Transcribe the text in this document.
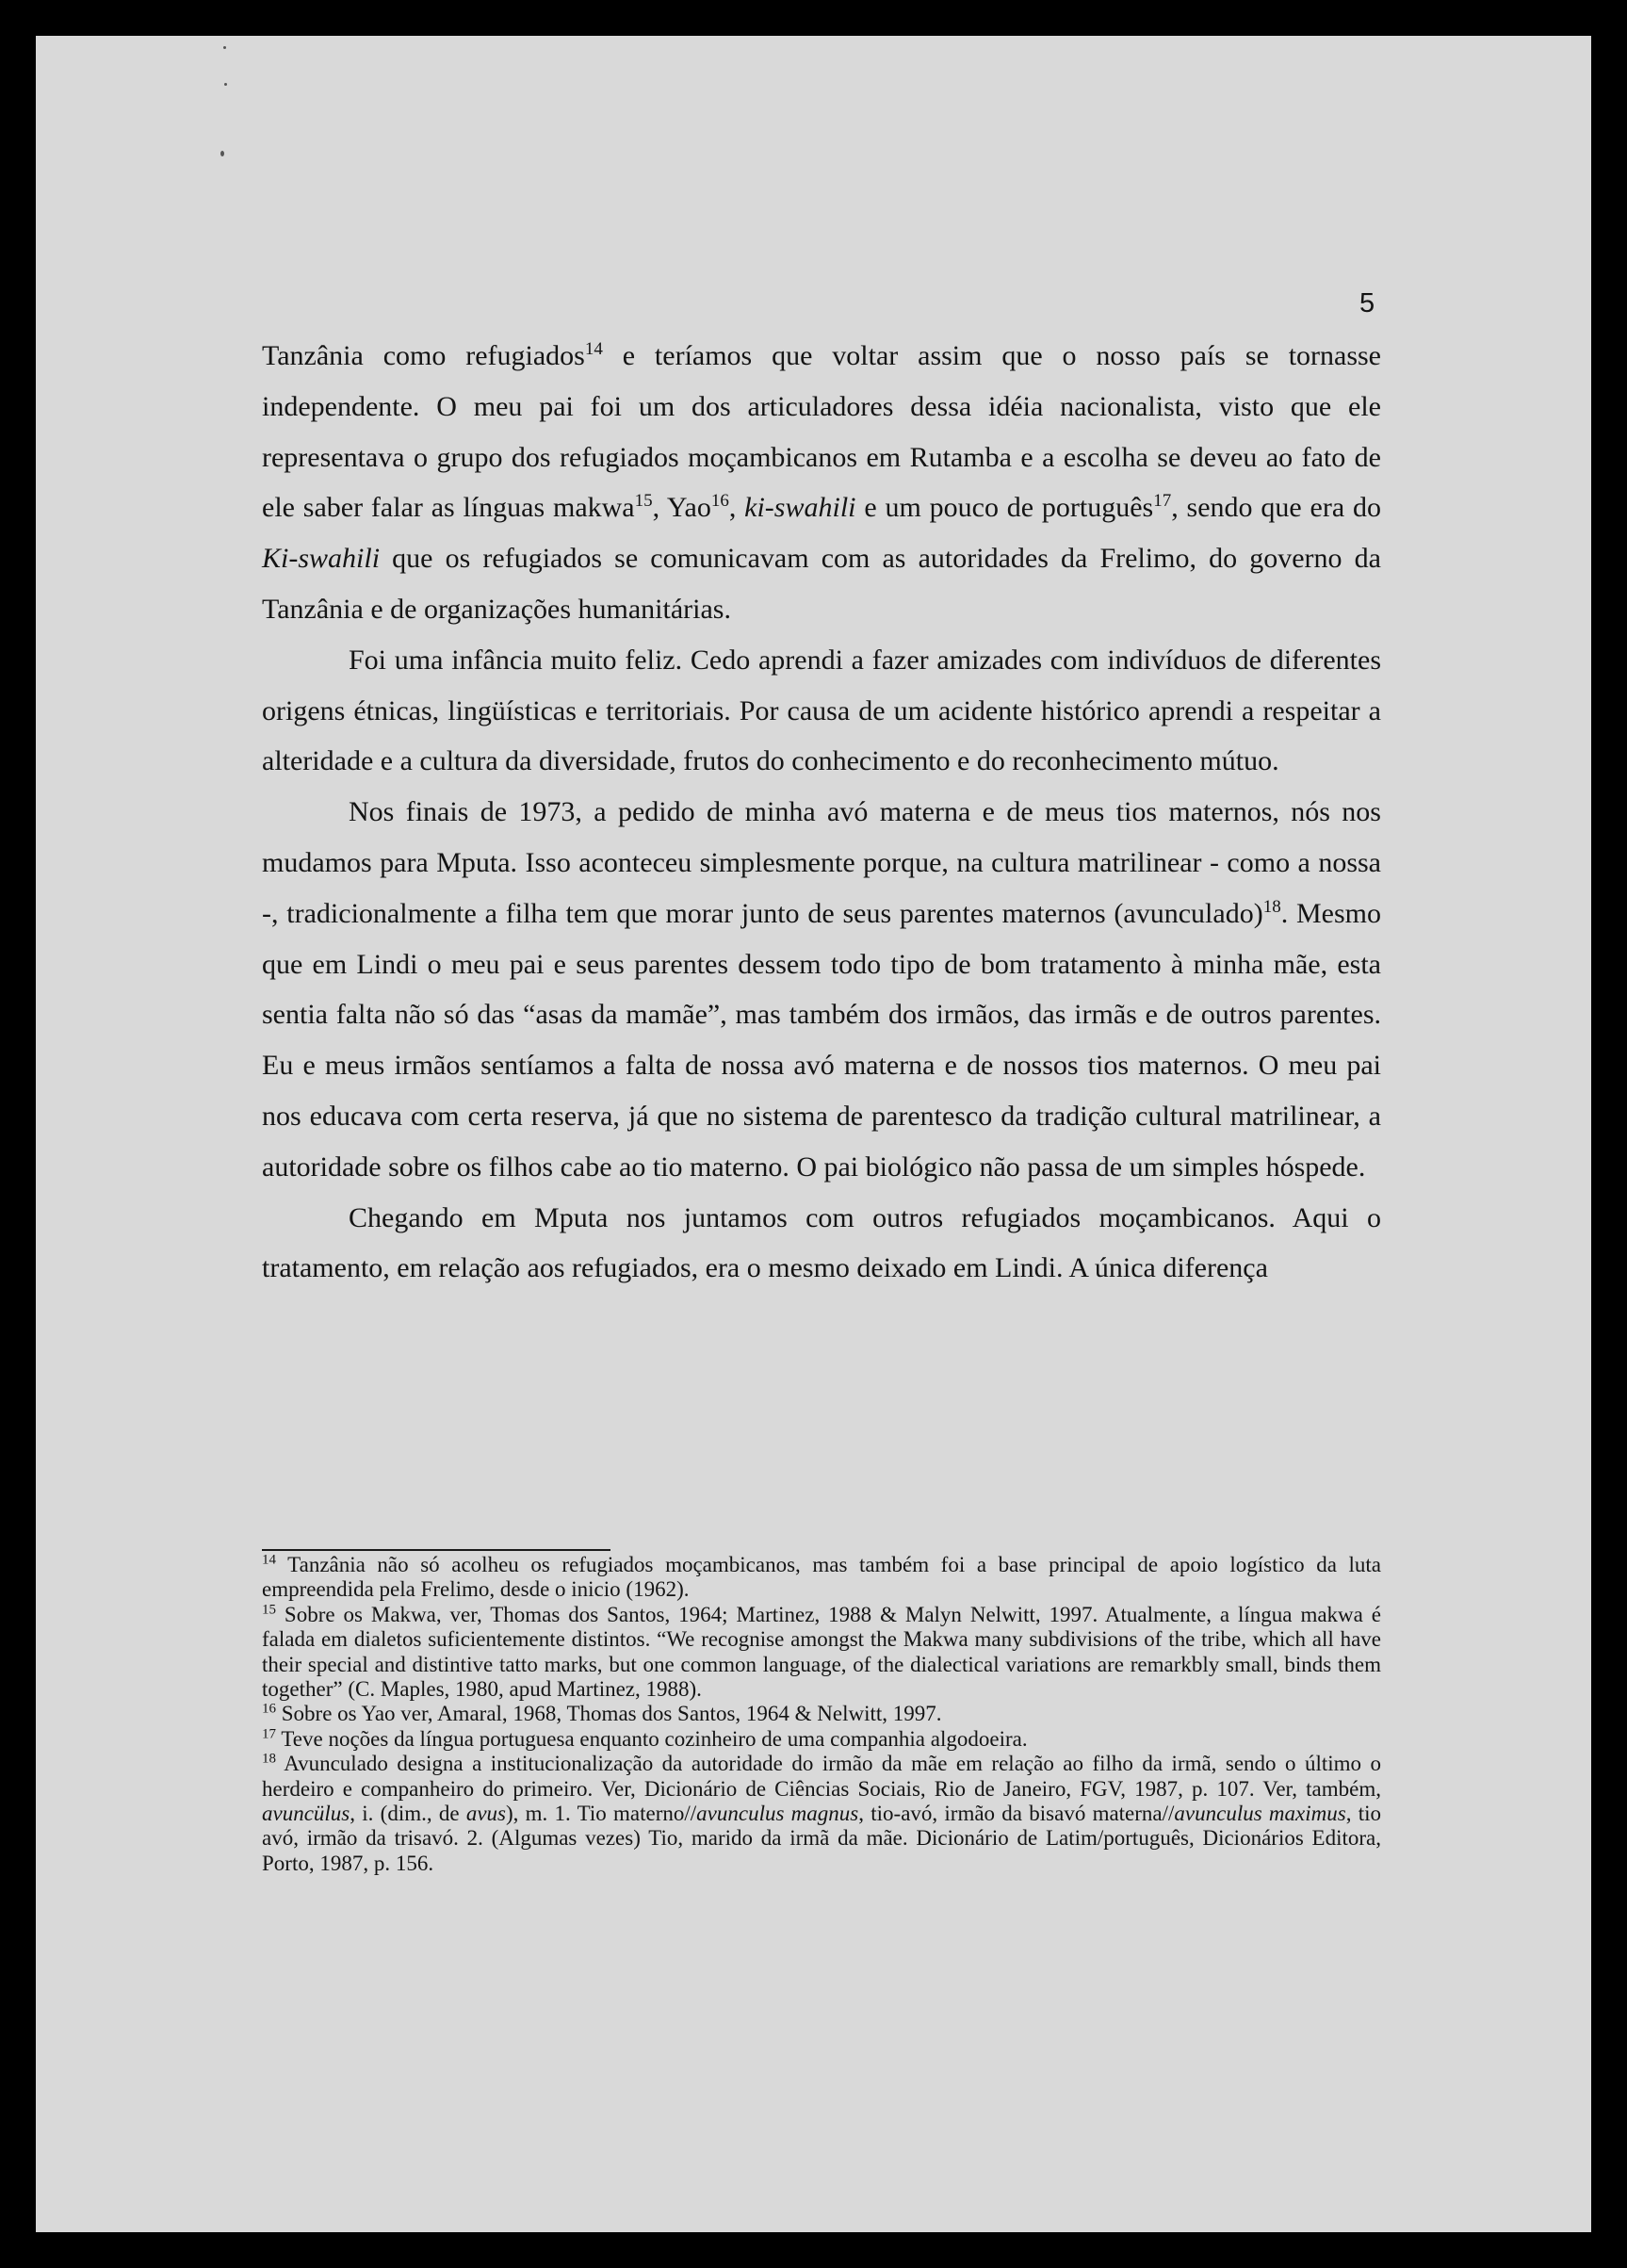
5

Tanzânia como refugiados$^{14}$ e teríamos que voltar assim que o nosso país se tornasse independente. O meu pai foi um dos articuladores dessa idéia nacionalista, visto que ele representava o grupo dos refugiados moçambicanos em Rutamba e a escolha se deveu ao fato de ele saber falar as línguas makwa$^{15}$, Yao$^{16}$, ki-swahili e um pouco de português$^{17}$, sendo que era do Ki-swahili que os refugiados se comunicavam com as autoridades da Frelimo, do governo da Tanzânia e de organizações humanitárias.

Foi uma infância muito feliz. Cedo aprendi a fazer amizades com indivíduos de diferentes origens étnicas, lingüísticas e territoriais. Por causa de um acidente histórico aprendi a respeitar a alteridade e a cultura da diversidade, frutos do conhecimento e do reconhecimento mútuo.

Nos finais de 1973, a pedido de minha avó materna e de meus tios maternos, nós nos mudamos para Mputa. Isso aconteceu simplesmente porque, na cultura matrilinear - como a nossa -, tradicionalmente a filha tem que morar junto de seus parentes maternos (avunculado)$^{18}$. Mesmo que em Lindi o meu pai e seus parentes dessem todo tipo de bom tratamento à minha mãe, esta sentia falta não só das “asas da mamãe”, mas também dos irmãos, das irmãs e de outros parentes. Eu e meus irmãos sentíamos a falta de nossa avó materna e de nossos tios maternos. O meu pai nos educava com certa reserva, já que no sistema de parentesco da tradição cultural matrilinear, a autoridade sobre os filhos cabe ao tio materno. O pai biológico não passa de um simples hóspede.

Chegando em Mputa nos juntamos com outros refugiados moçambicanos. Aqui o tratamento, em relação aos refugiados, era o mesmo deixado em Lindi. A única diferença

$^{14}$ Tanzânia não só acolheu os refugiados moçambicanos, mas também foi a base principal de apoio logístico da luta empreendida pela Frelimo, desde o inicio (1962).

$^{15}$ Sobre os Makwa, ver, Thomas dos Santos, 1964; Martinez, 1988 & Malyn Nelwitt, 1997. Atualmente, a língua makwa é falada em dialetos suficientemente distintos. “We recognise amongst the Makwa many subdivisions of the tribe, which all have their special and distintive tatto marks, but one common language, of the dialectical variations are remarkbly small, binds them together” (C. Maples, 1980, apud Martinez, 1988).

$^{16}$ Sobre os Yao ver, Amaral, 1968, Thomas dos Santos, 1964 & Nelwitt, 1997.

$^{17}$ Teve noções da língua portuguesa enquanto cozinheiro de uma companhia algodoeira.

$^{18}$ Avunculado designa a institucionalização da autoridade do irmão da mãe em relação ao filho da irmã, sendo o último o herdeiro e companheiro do primeiro. Ver, Dicionário de Ciências Sociais, Rio de Janeiro, FGV, 1987, p. 107. Ver, também, avuncülus, i. (dim., de avus), m. 1. Tio materno//avunculus magnus, tio-avó, irmão da bisavó materna//avunculus maximus, tio avó, irmão da trisavó. 2. (Algumas vezes) Tio, marido da irmã da mãe. Dicionário de Latim/português, Dicionários Editora, Porto, 1987, p. 156.
